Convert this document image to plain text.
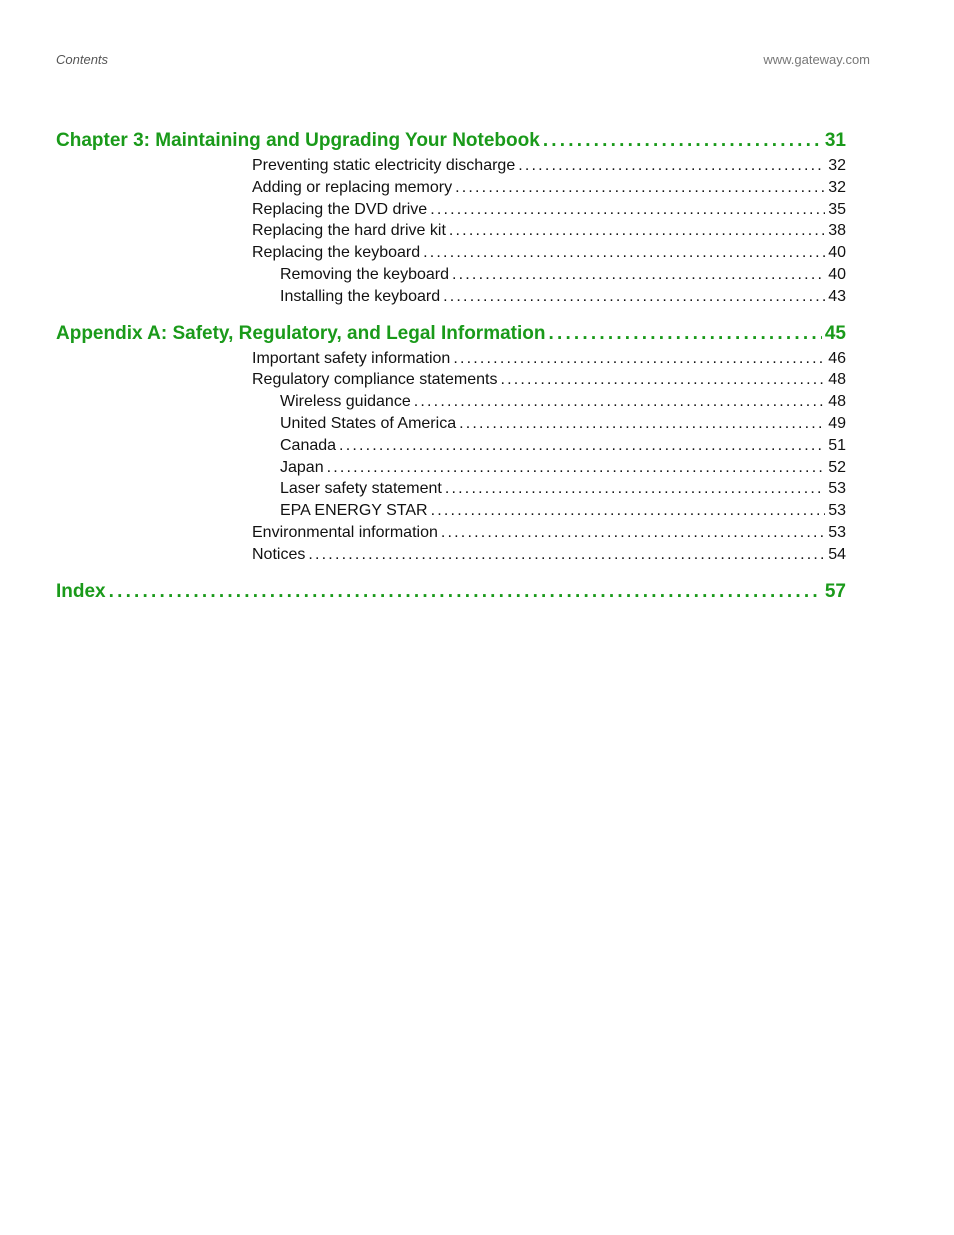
Contents	www.gateway.com
Chapter 3: Maintaining and Upgrading Your Notebook .....	31
Preventing static electricity discharge .....	32
Adding or replacing memory .....	32
Replacing the DVD drive .....	35
Replacing the hard drive kit .....	38
Replacing the keyboard .....	40
Removing the keyboard .....	40
Installing the keyboard .....	43
Appendix A: Safety, Regulatory, and Legal Information .....	45
Important safety information .....	46
Regulatory compliance statements .....	48
Wireless guidance .....	48
United States of America .....	49
Canada .....	51
Japan .....	52
Laser safety statement .....	53
EPA ENERGY STAR .....	53
Environmental information .....	53
Notices .....	54
Index .....	57
